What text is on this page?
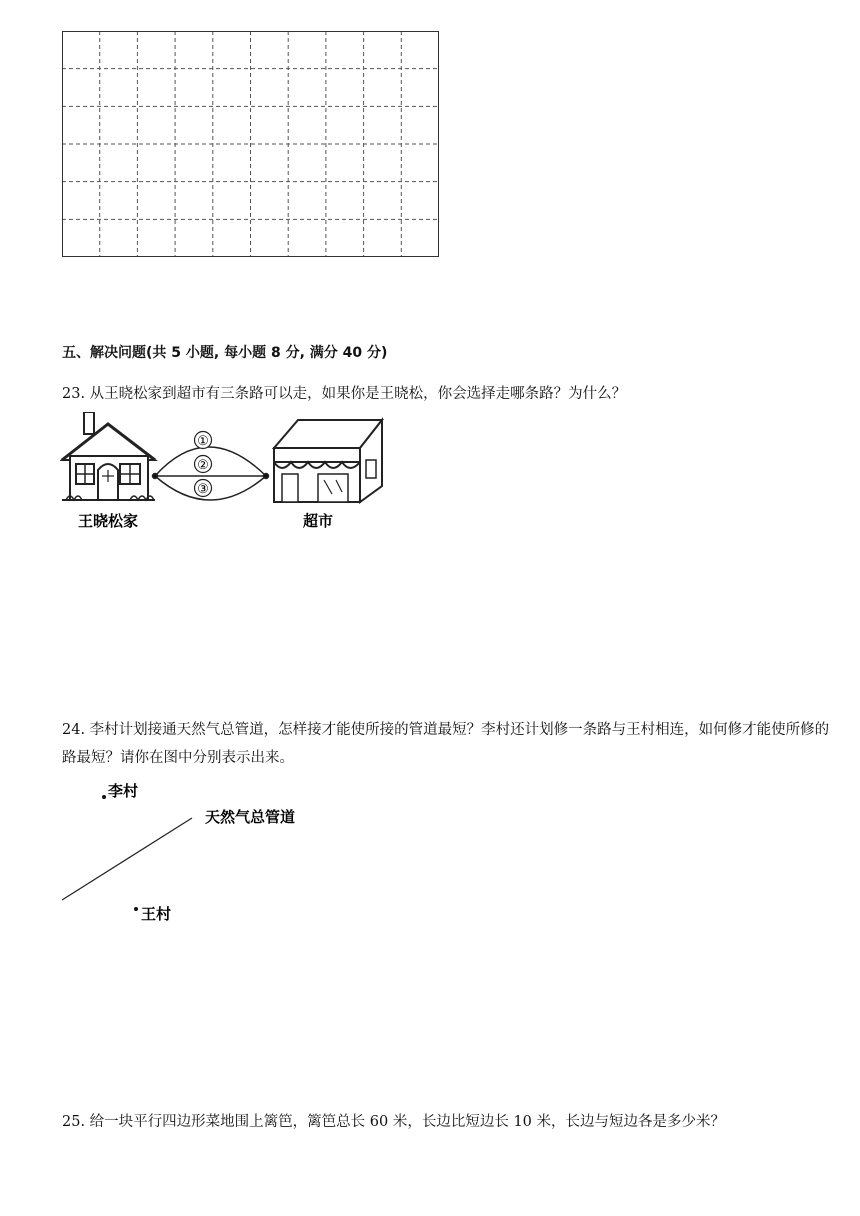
五、解决问题(共 5 小题, 每小题 8 分, 满分 40 分)
23. 从王晓松家到超市有三条路可以走，如果你是王晓松，你会选择走哪条路？为什么？
①
②
③
王晓松家	超市
24. 李村计划接通天然气总管道，怎样接才能使所接的管道最短？李村还计划修一条路与王村相连，如何修才能使所修的路最短？请你在图中分别表示出来。
李村
天然气总管道
王村
25. 给一块平行四边形菜地围上篱笆，篱笆总长 60 米，长边比短边长 10 米，长边与短边各是多少米？
